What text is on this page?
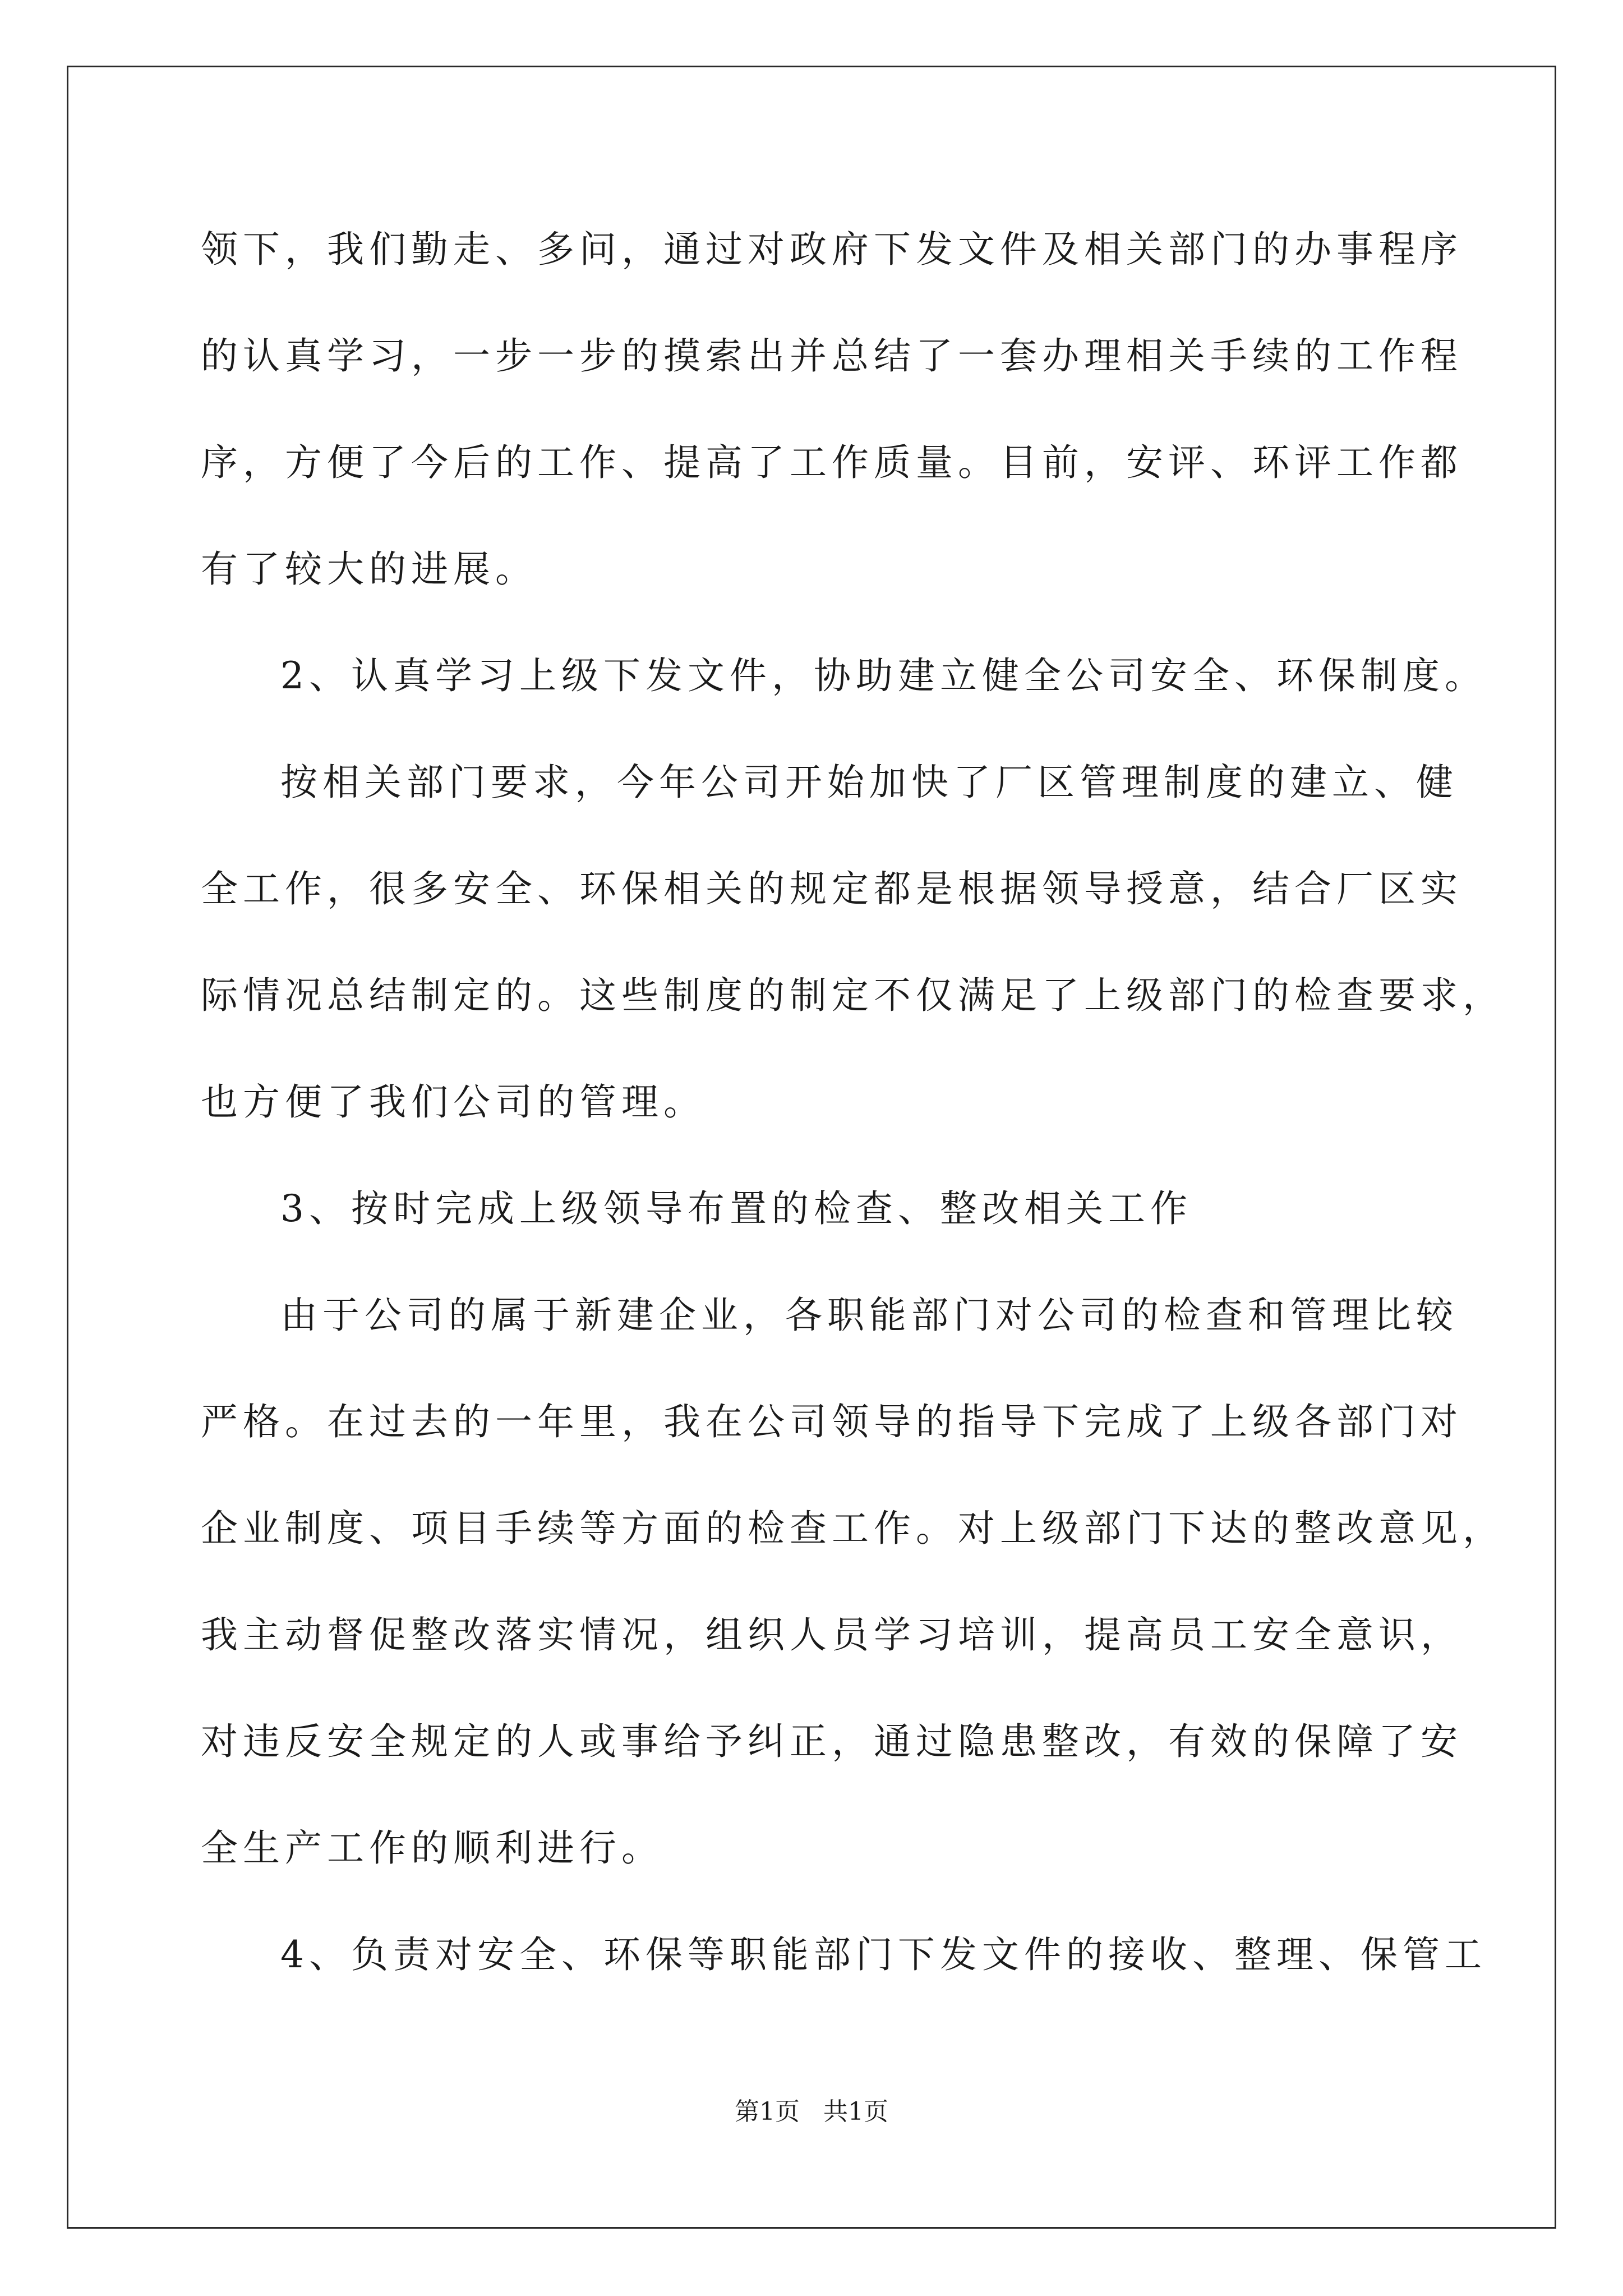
领下，我们勤走、多问，通过对政府下发文件及相关部门的办事程序
的认真学习，一步一步的摸索出并总结了一套办理相关手续的工作程
序，方便了今后的工作、提高了工作质量。目前，安评、环评工作都
有了较大的进展。
2、认真学习上级下发文件，协助建立健全公司安全、环保制度。
按相关部门要求，今年公司开始加快了厂区管理制度的建立、健
全工作，很多安全、环保相关的规定都是根据领导授意，结合厂区实
际情况总结制定的。这些制度的制定不仅满足了上级部门的检查要求，
也方便了我们公司的管理。
3、按时完成上级领导布置的检查、整改相关工作
由于公司的属于新建企业，各职能部门对公司的检查和管理比较
严格。在过去的一年里，我在公司领导的指导下完成了上级各部门对
企业制度、项目手续等方面的检查工作。对上级部门下达的整改意见，
我主动督促整改落实情况，组织人员学习培训，提高员工安全意识，
对违反安全规定的人或事给予纠正，通过隐患整改，有效的保障了安
全生产工作的顺利进行。
4、负责对安全、环保等职能部门下发文件的接收、整理、保管工
第1页 共1页
